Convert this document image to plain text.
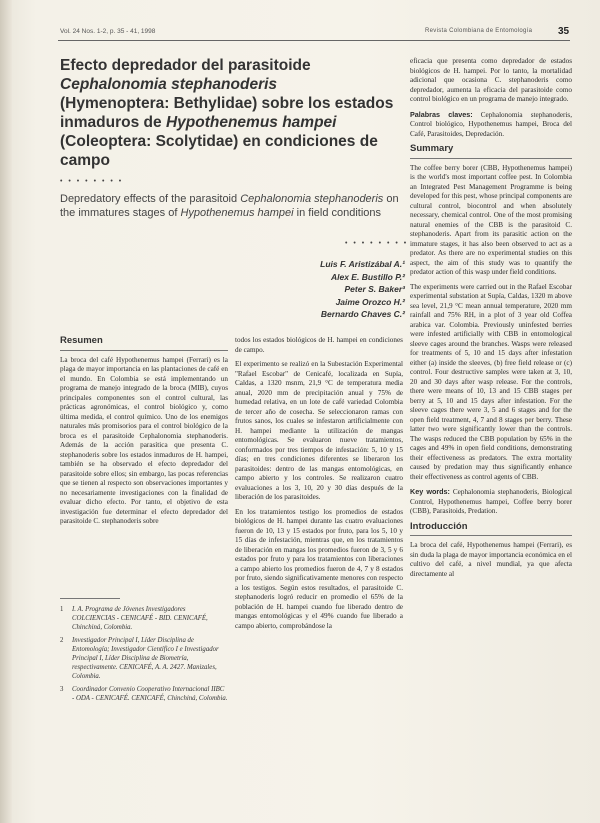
Vol. 24 Nos. 1-2, p. 35 - 41, 1998	Revista Colombiana de Entomología	35
Efecto depredador del parasitoide
Cephalonomia stephanoderis
(Hymenoptera: Bethylidae) sobre los estados inmaduros de Hypothenemus hampei (Coleoptera: Scolytidae) en condiciones de campo
• • • • • • • •

Depredatory effects of the parasitoid Cephalonomia stephanoderis on the immatures stages of Hypothenemus hampei in field conditions

• • • • • • • •
Luis F. Aristizábal A.¹
Alex E. Bustillo P.²
Peter S. Baker³
Jaime Orozco H.²
Bernardo Chaves C.²
Resumen

La broca del café Hypothenemus hampei (Ferrari) es la plaga de mayor importancia en las plantaciones de café en el mundo. En Colombia se está implementando un programa de manejo integrado de la broca (MIB), cuyos principales componentes son el control cultural, las prácticas agronómicas, el control biológico y, como última medida, el control químico. Uno de los enemigos naturales más promisorios para el control biológico de la broca es el parasitoide Cephalonomia stephanoderis. Además de la acción parasítica que presenta C. stephanoderis sobre los estados inmaduros de H. hampei, también se ha observado el efecto depredador del parasitoide sobre ellos; sin embargo, las pocas referencias que se tienen al respecto son observaciones importantes y no necesariamente investigaciones con la finalidad de evaluar dicho efecto. Por tanto, el objetivo de esta investigación fue determinar el efecto depredador del parasitoide C. stephanoderis sobre

1 I. A. Programa de Jóvenes Investigadores COLCIENCIAS - CENICAFÉ - BID. CENICAFÉ, Chinchiná, Colombia.
2 Investigador Principal I, Líder Disciplina de Entomología; Investigador Científico I e Investigador Principal I, Líder Disciplina de Biometría, respectivamente. CENICAFÉ, A. A. 2427. Manizales, Colombia.
3 Coordinador Convenio Cooperativo Internacional IIBC - ODA - CENICAFÉ. CENICAFÉ, Chinchiná, Colombia.

todos los estados biológicos de H. hampei en condiciones de campo.

El experimento se realizó en la Subestación Experimental "Rafael Escobar" de Cenicafé, localizada en Supía, Caldas, a 1320 msnm, 21,9 °C de temperatura media anual, 2020 mm de precipitación anual y 75% de humedad relativa, en un lote de café variedad Colombia de tercer año de cosecha. Se seleccionaron ramas con frutos sanos, los cuales se infestaron artificialmente con H. hampei mediante la utilización de mangas entomológicas. Se evaluaron nueve tratamientos, conformados por tres tiempos de infestación: 5, 10 y 15 días; en tres condiciones diferentes se liberaron los parasitoides: dentro de las mangas entomológicas, en campo abierto y los controles. Se realizaron cuatro evaluaciones a los 3, 10, 20 y 30 días después de la liberación de los parasitoides.

En los tratamientos testigo los promedios de estados biológicos de H. hampei durante las cuatro evaluaciones fueron de 10, 13 y 15 estados por fruto, para los 5, 10 y 15 días de infestación, mientras que, en los tratamientos de liberación en mangas los promedios fueron de 3, 5 y 6 estados por fruto y para los tratamientos con liberaciones a campo abierto los promedios fueron de 4, 7 y 8 estados por fruto, siendo significativamente menores con respecto a los testigos. Según estos resultados, el parasitoide C. stephanoderis logró reducir en promedio el 65% de la población de H. hampei cuando fue liberado dentro de mangas entomológicas y el 49% cuando fue liberado a campo abierto, comprobándose la

eficacia que presenta como depredador de estados biológicos de H. hampei. Por lo tanto, la mortalidad adicional que ocasiona C. stephanoderis como depredador, aumenta la eficacia del parasitoide como control biológico en un programa de manejo integrado.

Palabras claves: Cephalonomia stephanoderis, Control biológico, Hypothenemus hampei, Broca del Café, Parasitoides, Depredación.

Summary

The coffee berry borer (CBB, Hypothenemus hampei) is the world's most important coffee pest. In Colombia an Integrated Pest Management Programme is being developed for this pest, whose principal components are cultural control, biocontrol and when absolutely necessary, chemical control. One of the most promising natural enemies of the CBB is the parasitoid C. stephanoderis. Apart from its parasitic action on the immature stages, it has also been observed to act as a predator. As there are no experimental studies on this aspect, the aim of this study was to quantify the predator action of this wasp under field conditions.

The experiments were carried out in the Rafael Escobar experimental substation at Supía, Caldas, 1320 m above sea level, 21,9 °C mean annual temperature, 2020 mm rainfall and 75% RH, in a plot of 3 year old Coffea arabica var. Colombia. Previously uninfested berries were infested artificially with CBB in entomological sleeve cages around the branches. Wasps were released for treatments of 5, 10 and 15 days after infestation either (a) inside the sleeves, (b) free field release or (c) control. Four destructive samples were taken at 3, 10, 20 and 30 days after wasp release. For the controls, there were means of 10, 13 and 15 CBB stages per berry at 5, 10 and 15 days after infestation. For the sleeve cages there were 3, 5 and 6 stages and for the open field treatment, 4, 7 and 8 stages per berry. These latter two were significantly lower than the controls. The wasps reduced the CBB population by 65% in the cages and 49% in open field conditions, demonstrating their effectiveness as predators. The extra mortality caused by predation may thus significantly enhance their effectiveness as control agents of CBB.

Key words: Cephalonomia stephanoderis, Biological Control, Hypothenemus hampei, Coffee berry borer (CBB), Parasitoids, Predation.

Introducción

La broca del café, Hypothenemus hampei (Ferrari), es sin duda la plaga de mayor importancia económica en el cultivo del café, a nivel mundial, ya que afecta directamente al
